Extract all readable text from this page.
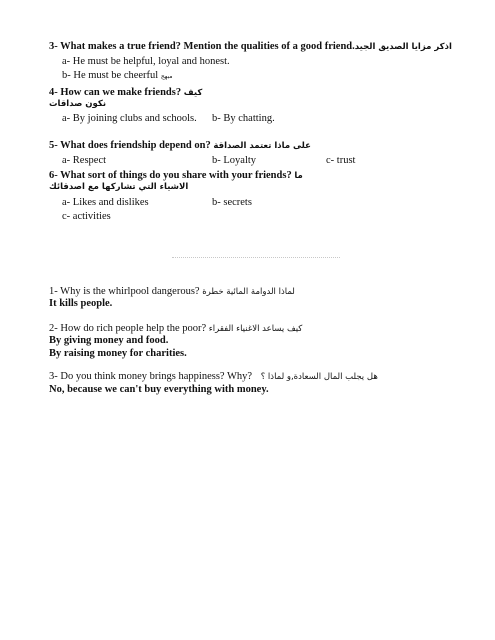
3- What makes a true friend? Mention the qualities of a good friend.اذكر مزايا الصديق الجيد
a- He must be helpful, loyal and honest.
b- He must be cheerful مبهج
4- How can we make friends? كيف
نكون صداقات
a- By joining clubs and schools. b- By chatting.
5- What does friendship depend on? على ماذا تعتمد الصداقة
a- Respect	b- Loyalty	c- trust
6- What sort of things do you share with your friends? ما
الاشياء التي تشاركها مع اصدقائك
a- Likes and dislikes	b- secrets
c- activities
1- Why is the whirlpool dangerous? لماذا الدوامة المائية خطرة
It kills people.
2- How do rich people help the poor? كيف يساعد الاغنياء الفقراء
By giving money and food.
By raising money for charities.
3- Do you think money brings happiness? Why? هل يجلب المال السعادة,و لماذا ؟
No, because we can't buy everything with money.
